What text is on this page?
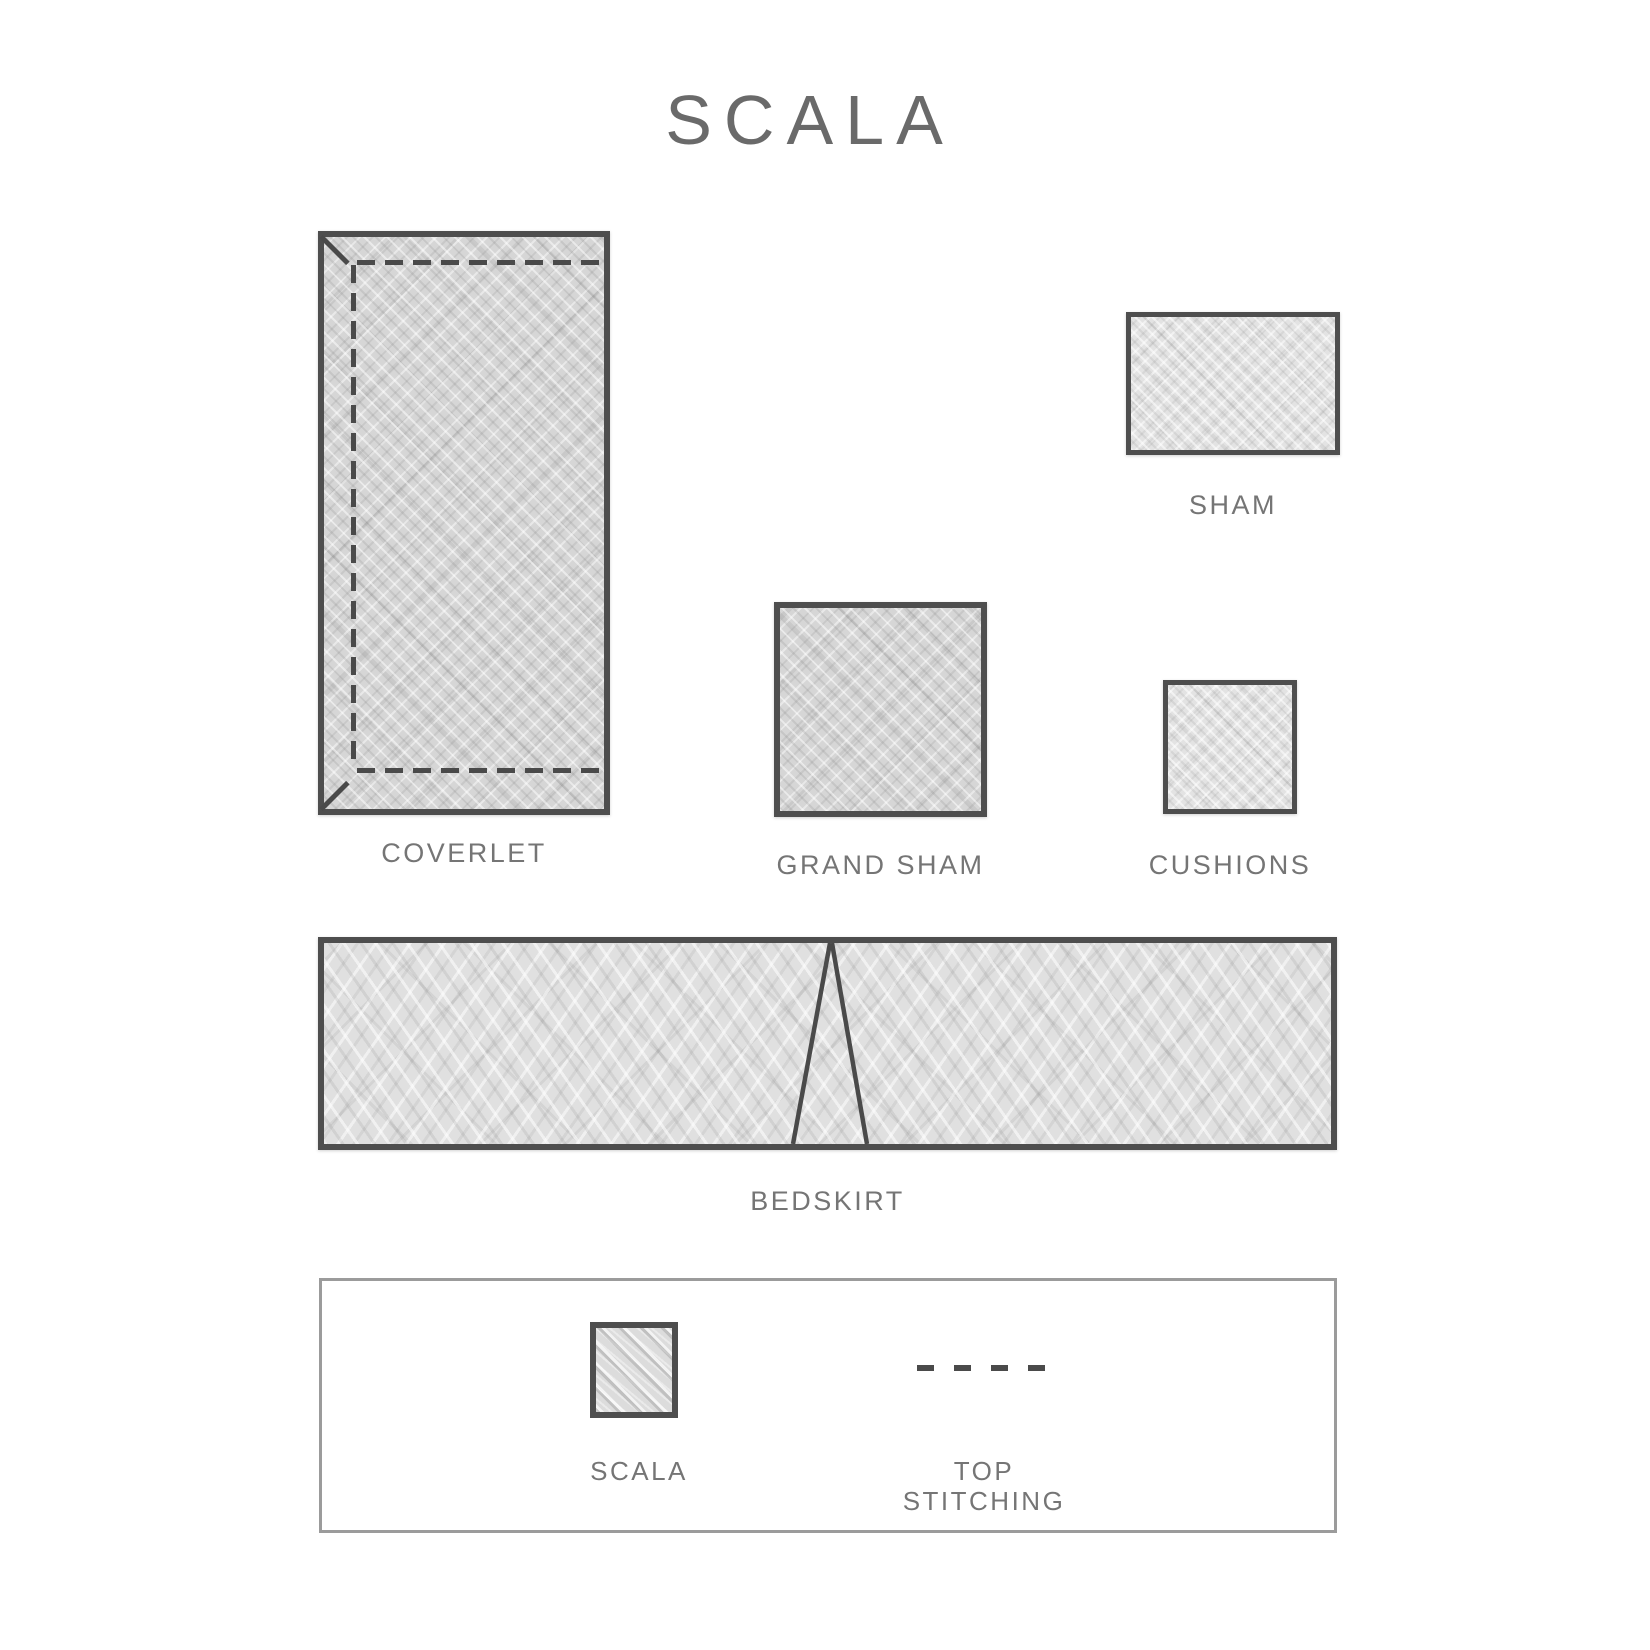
SCALA
COVERLET
SHAM
GRAND SHAM	CUSHIONS
BEDSKIRT
SCALA	TOP
STITCHING
